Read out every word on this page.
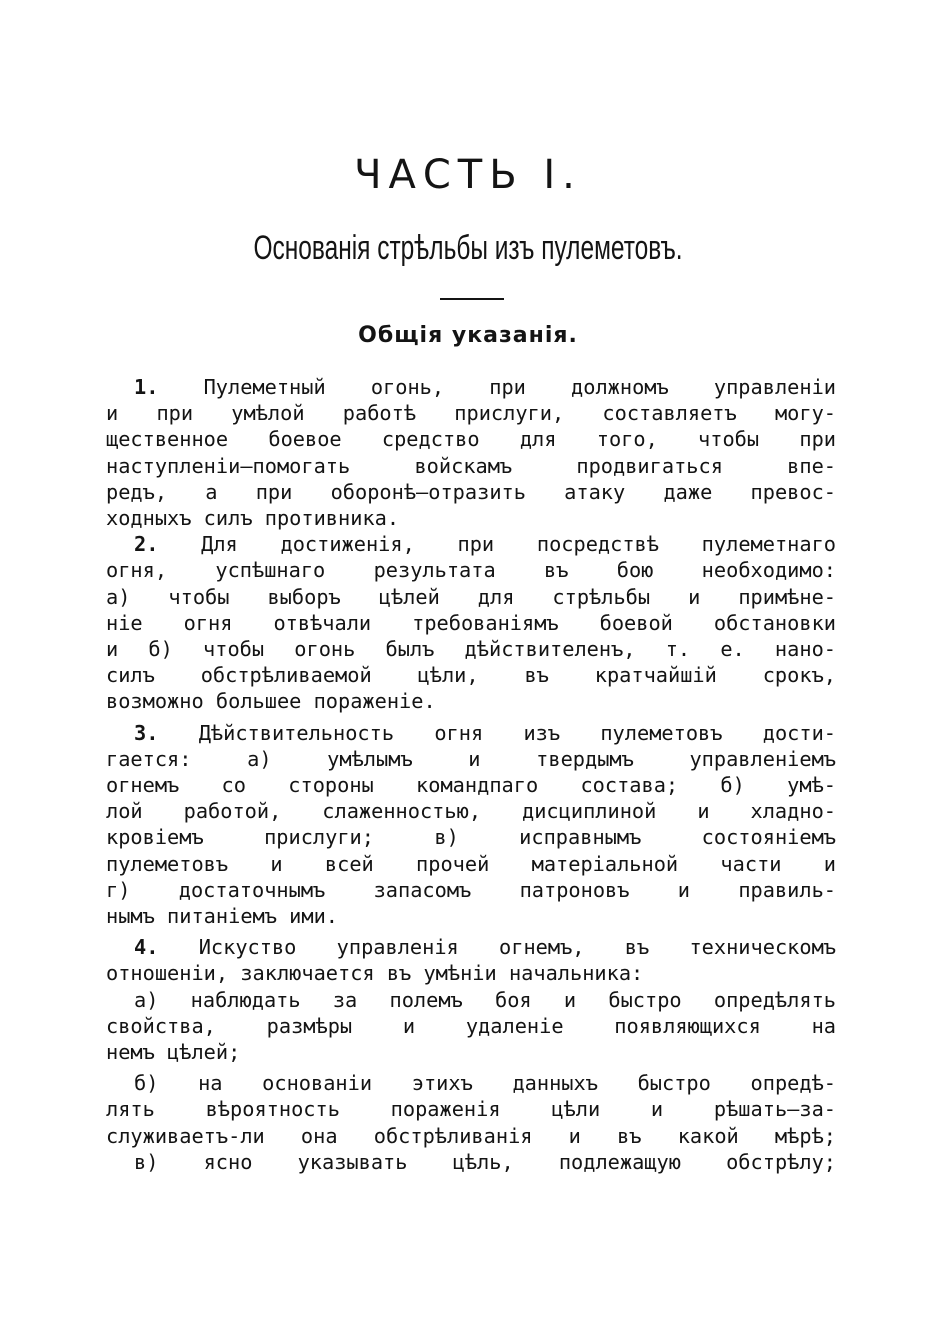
ЧАСТЬ I.
Основанія стрѣльбы изъ пулеметовъ.
Общія указанія.
1. Пулеметный огонь, при должномъ управленіи
и при умѣлой работѣ прислуги, составляетъ могу-
щественное боевое средство для того, чтобы при
наступленіи—помогать войскамъ продвигаться впе-
редъ, а при оборонѣ—отразить атаку даже превос-
ходныхъ силъ противника.
2. Для достиженія, при посредствѣ пулеметнаго
огня, успѣшнаго результата въ бою необходимо:
а) чтобы выборъ цѣлей для стрѣльбы и примѣне-
ніе огня отвѣчали требованіямъ боевой обстановки
и б) чтобы огонь былъ дѣйствителенъ, т. е. нано-
силъ обстрѣливаемой цѣли, въ кратчайшій срокъ,
возможно большее пораженіе.
3. Дѣйствительность огня изъ пулеметовъ дости-
гается: а) умѣлымъ и твердымъ управленіемъ
огнемъ со стороны командпаго состава; б) умѣ-
лой работой, слаженностью, дисциплиной и хладно-
кровіемъ прислуги; в) исправнымъ состояніемъ
пулеметовъ и всей прочей матеріальной части и
г) достаточнымъ запасомъ патроновъ и правиль-
нымъ питаніемъ ими.
4. Искуство управленія огнемъ, въ техническомъ
отношеніи, заключается въ умѣніи начальника:
а) наблюдать за полемъ боя и быстро опредѣлять
свойства, размѣры и удаленіе появляющихся на
немъ цѣлей;
б) на основаніи этихъ данныхъ быстро опредѣ-
лять вѣроятность пораженія цѣли и рѣшать—за-
служиваетъ-ли она обстрѣливанія и въ какой мѣрѣ;
в) ясно указывать цѣль, подлежащую обстрѣлу;
